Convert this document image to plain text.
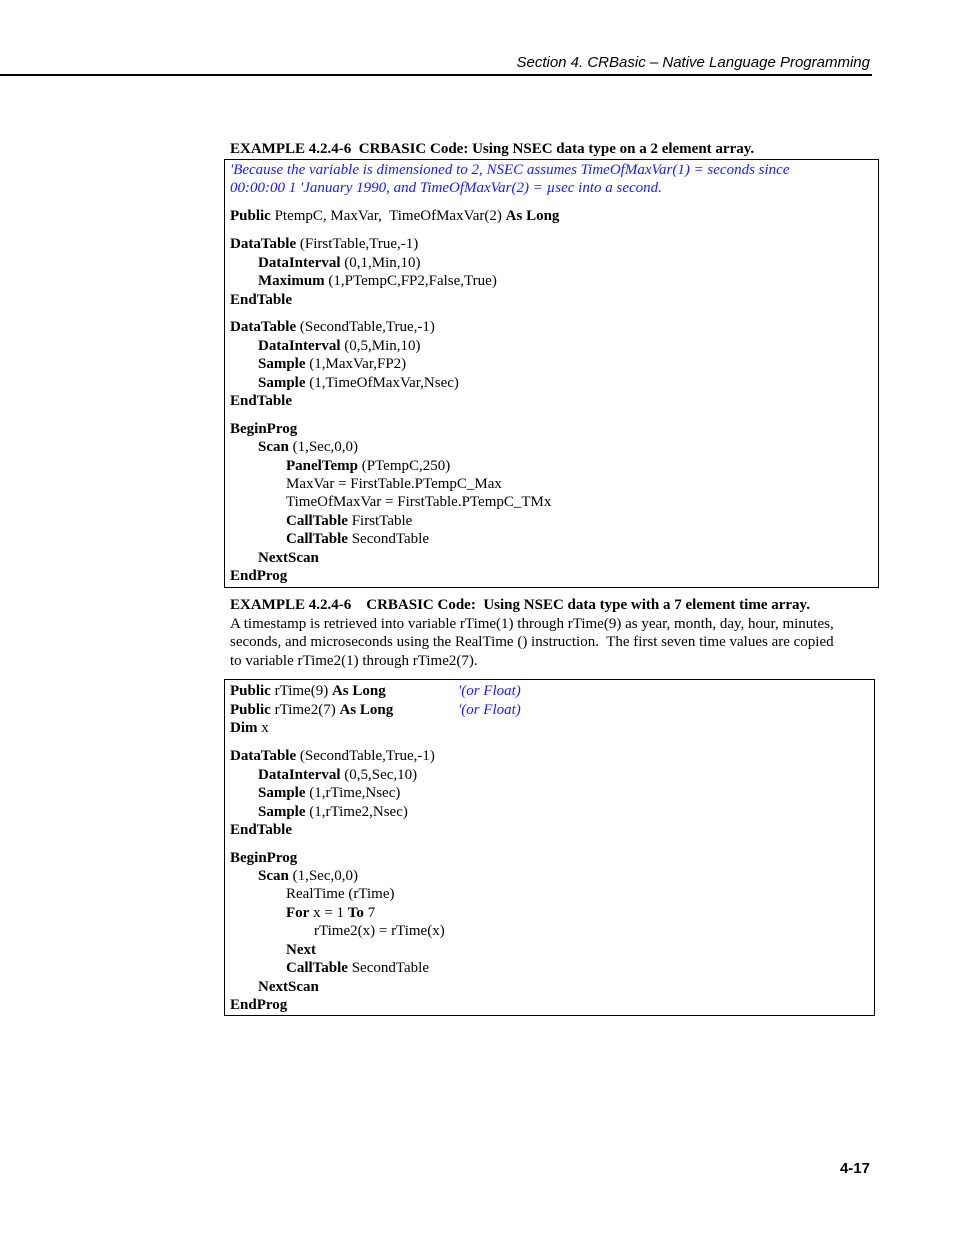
Section 4. CRBasic – Native Language Programming
EXAMPLE 4.2.4-6  CRBASIC Code: Using NSEC data type on a 2 element array.
'Because the variable is dimensioned to 2, NSEC assumes TimeOfMaxVar(1) = seconds since
00:00:00 1 'January 1990, and TimeOfMaxVar(2) = µsec into a second.
Public PtempC, MaxVar,  TimeOfMaxVar(2) As Long
DataTable (FirstTable,True,-1)
DataInterval (0,1,Min,10)
Maximum (1,PTempC,FP2,False,True)
EndTable
DataTable (SecondTable,True,-1)
DataInterval (0,5,Min,10)
Sample (1,MaxVar,FP2)
Sample (1,TimeOfMaxVar,Nsec)
EndTable
BeginProg
Scan (1,Sec,0,0)
PanelTemp (PTempC,250)
MaxVar = FirstTable.PTempC_Max
TimeOfMaxVar = FirstTable.PTempC_TMx
CallTable FirstTable
CallTable SecondTable
NextScan
EndProg
EXAMPLE 4.2.4-6    CRBASIC Code:  Using NSEC data type with a 7 element time array.
A timestamp is retrieved into variable rTime(1) through rTime(9) as year, month, day, hour, minutes,
seconds, and microseconds using the RealTime () instruction.  The first seven time values are copied
to variable rTime2(1) through rTime2(7).
Public rTime(9) As Long	'(or Float)
Public rTime2(7) As Long	'(or Float)
Dim x
DataTable (SecondTable,True,-1)
DataInterval (0,5,Sec,10)
Sample (1,rTime,Nsec)
Sample (1,rTime2,Nsec)
EndTable
BeginProg
Scan (1,Sec,0,0)
RealTime (rTime)
For x = 1 To 7
rTime2(x) = rTime(x)
Next
CallTable SecondTable
NextScan
EndProg
4-17
